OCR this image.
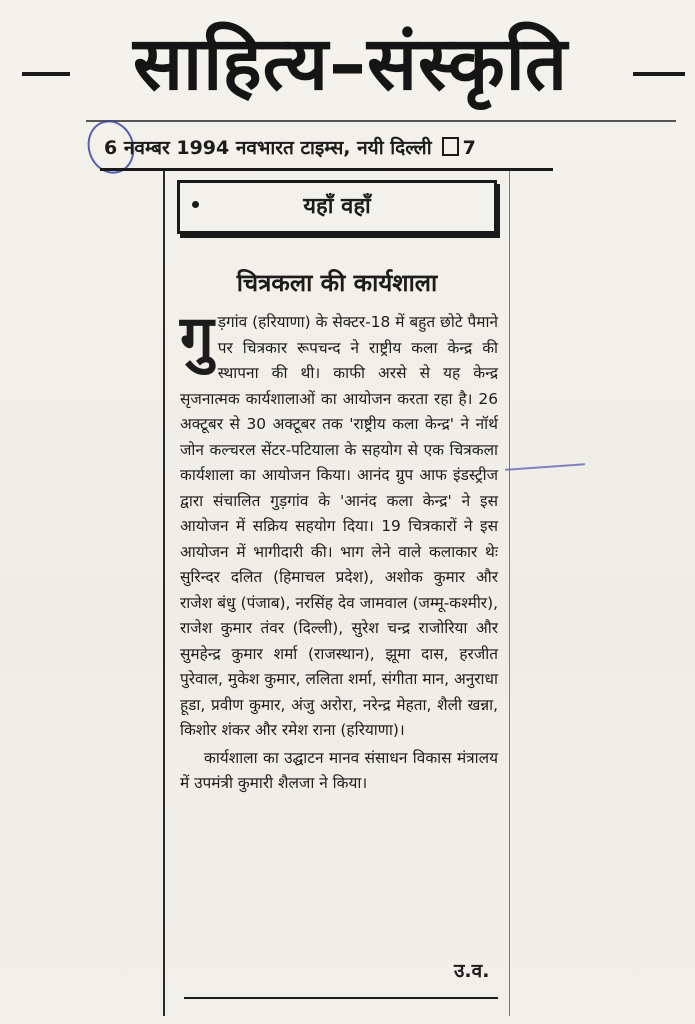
साहित्य–संस्कृति
6 नवम्बर 1994 नवभारत टाइम्स, नयी दिल्ली 7
यहाँ वहाँ
चित्रकला की कार्यशाला

गुड़गांव (हरियाणा) के सेक्टर-18 में बहुत छोटे पैमाने पर चित्रकार रूपचन्द ने राष्ट्रीय कला केन्द्र की स्थापना की थी। काफी अरसे से यह केन्द्र सृजनात्मक कार्यशालाओं का आयोजन करता रहा है। 26 अक्टूबर से 30 अक्टूबर तक 'राष्ट्रीय कला केन्द्र' ने नॉर्थ जोन कल्चरल सेंटर-पटियाला के सहयोग से एक चित्रकला कार्यशाला का आयोजन किया। आनंद ग्रुप आफ इंडस्ट्रीज द्वारा संचालित गुड़गांव के 'आनंद कला केन्द्र' ने इस आयोजन में सक्रिय सहयोग दिया। 19 चित्रकारों ने इस आयोजन में भागीदारी की। भाग लेने वाले कलाकार थेः सुरिन्दर दलित (हिमाचल प्रदेश), अशोक कुमार और राजेश बंधु (पंजाब), नरसिंह देव जामवाल (जम्मू-कश्मीर), राजेश कुमार तंवर (दिल्ली), सुरेश चन्द्र राजोरिया और सुमहेन्द्र कुमार शर्मा (राजस्थान), झूमा दास, हरजीत पुरेवाल, मुकेश कुमार, ललिता शर्मा, संगीता मान, अनुराधा हूडा, प्रवीण कुमार, अंजु अरोरा, नरेन्द्र मेहता, शैली खन्ना, किशोर शंकर और रमेश राना (हरियाणा)।

कार्यशाला का उद्घाटन मानव संसाधन विकास मंत्रालय में उपमंत्री कुमारी शैलजा ने किया।

उ.व.
